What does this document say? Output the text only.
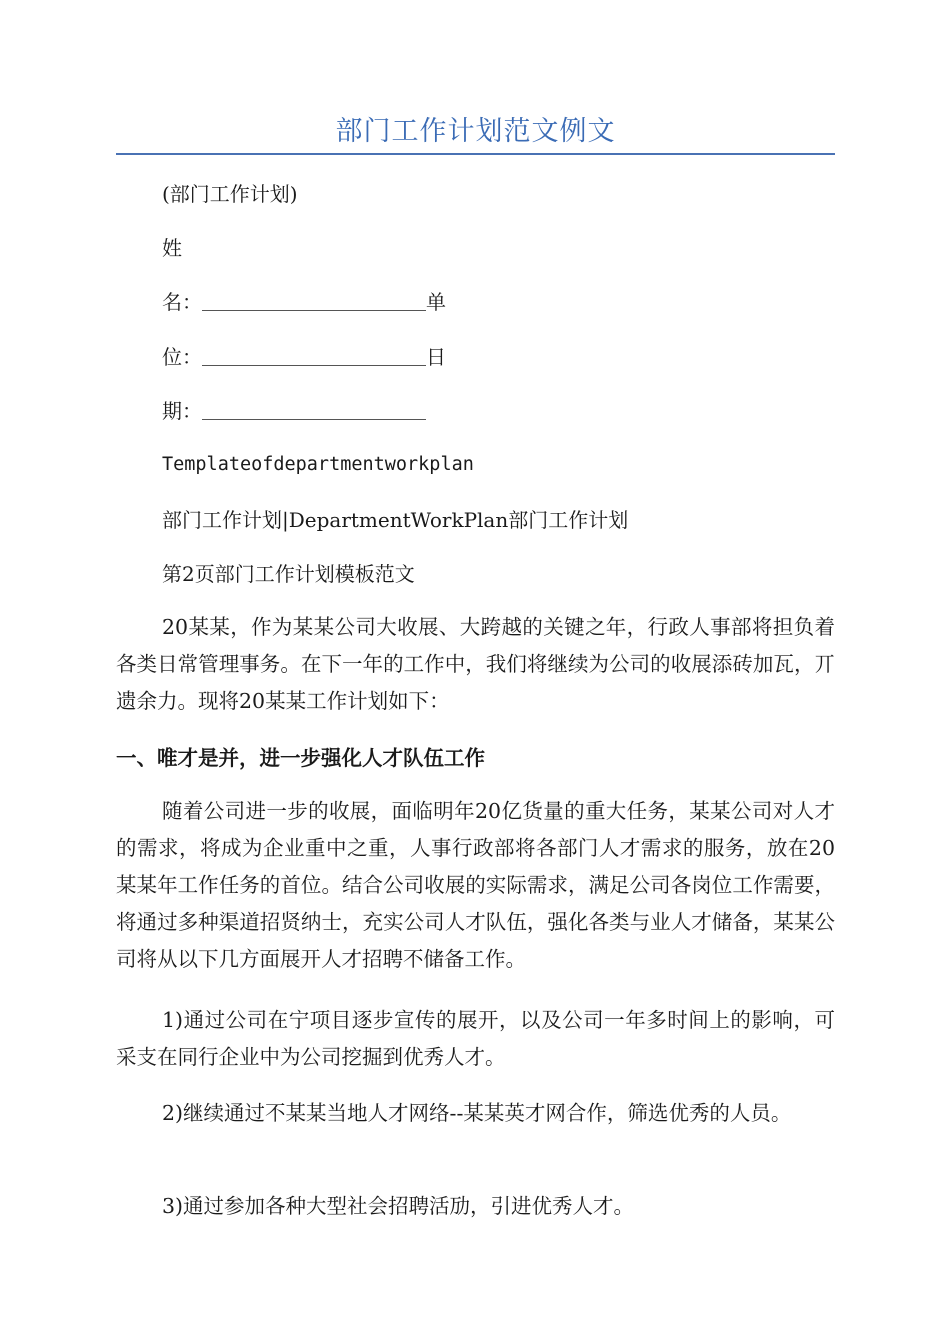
部门工作计划范文例文
(部门工作计划)
姓
名：	单
位：	日
期：
Templateofdepartmentworkplan
部门工作计划|DepartmentWorkPlan部门工作计划
第2页部门工作计划模板范文
20某某，作为某某公司大收展、大跨越的关键之年，行政人事部将担负着各类日常管理事务。在下一年的工作中，我们将继续为公司的收展添砖加瓦，丌遗余力。现将20某某工作计划如下：
一、唯才是并，进一步强化人才队伍工作
随着公司进一步的收展，面临明年20亿货量的重大任务，某某公司对人才的需求，将成为企业重中之重，人事行政部将各部门人才需求的服务，放在20某某年工作任务的首位。结合公司收展的实际需求，满足公司各岗位工作需要，将通过多种渠道招贤纳士，充实公司人才队伍，强化各类与业人才储备，某某公司将从以下几方面展开人才招聘不储备工作。
1)通过公司在宁项目逐步宣传的展开，以及公司一年多时间上的影响，可采支在同行企业中为公司挖掘到优秀人才。
2)继续通过不某某当地人才网络--某某英才网合作，筛选优秀的人员。
3)通过参加各种大型社会招聘活劢，引进优秀人才。
